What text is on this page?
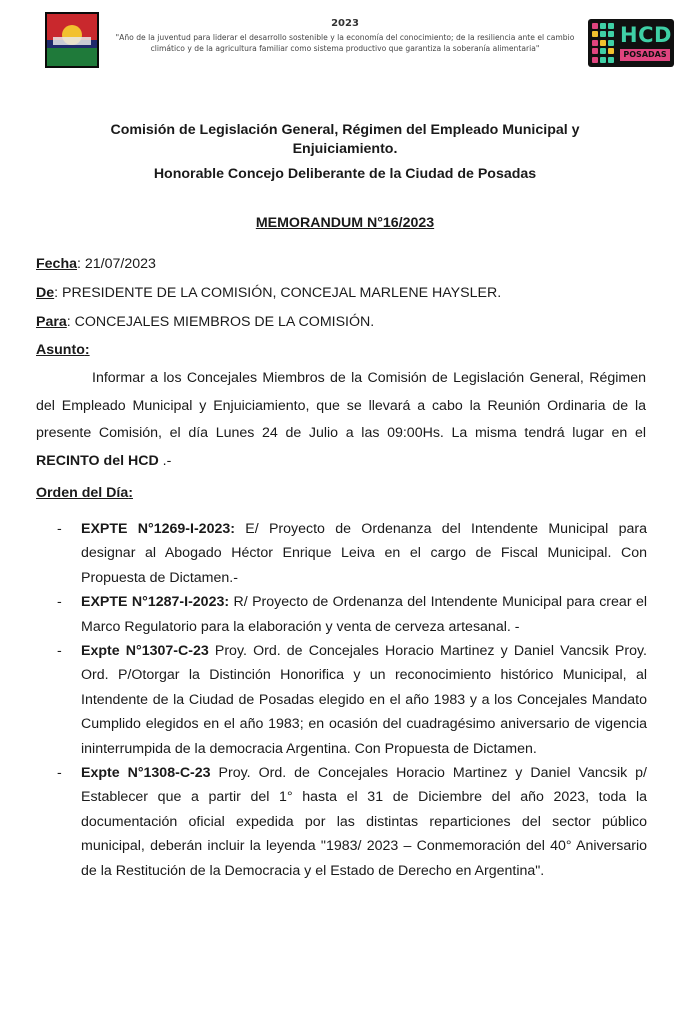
2023
"Año de la juventud para liderar el desarrollo sostenible y la economía del conocimiento; de la resiliencia ante el cambio climático y de la agricultura familiar como sistema productivo que garantiza la soberanía alimentaria"
HCD
POSADAS
Comisión de Legislación General, Régimen del Empleado Municipal y Enjuiciamiento.
Honorable Concejo Deliberante de la Ciudad de Posadas
MEMORANDUM N°16/2023
Fecha: 21/07/2023
De: PRESIDENTE DE LA COMISIÓN, CONCEJAL MARLENE HAYSLER.
Para: CONCEJALES MIEMBROS DE LA COMISIÓN.
Asunto:
Informar a los Concejales Miembros de la Comisión de Legislación General, Régimen del Empleado Municipal y Enjuiciamiento, que se llevará a cabo la Reunión Ordinaria de la presente Comisión, el día Lunes 24 de Julio a las 09:00Hs. La misma tendrá lugar en el RECINTO del HCD .-
Orden del Día:
- EXPTE N°1269-I-2023: E/ Proyecto de Ordenanza del Intendente Municipal para designar al Abogado Héctor Enrique Leiva en el cargo de Fiscal Municipal. Con Propuesta de Dictamen.-
- EXPTE N°1287-I-2023: R/ Proyecto de Ordenanza del Intendente Municipal para crear el Marco Regulatorio para la elaboración y venta de cerveza artesanal. -
- Expte N°1307-C-23 Proy. Ord. de Concejales Horacio Martinez y Daniel Vancsik Proy. Ord. P/Otorgar la Distinción Honorifica y un reconocimiento histórico Municipal, al Intendente de la Ciudad de Posadas elegido en el año 1983 y a los Concejales Mandato Cumplido elegidos en el año 1983; en ocasión del cuadragésimo aniversario de vigencia ininterrumpida de la democracia Argentina. Con Propuesta de Dictamen.
- Expte N°1308-C-23 Proy. Ord. de Concejales Horacio Martinez y Daniel Vancsik p/ Establecer que a partir del 1° hasta el 31 de Diciembre del año 2023, toda la documentación oficial expedida por las distintas reparticiones del sector público municipal, deberán incluir la leyenda "1983/ 2023 – Conmemoración del 40° Aniversario de la Restitución de la Democracia y el Estado de Derecho en Argentina".
